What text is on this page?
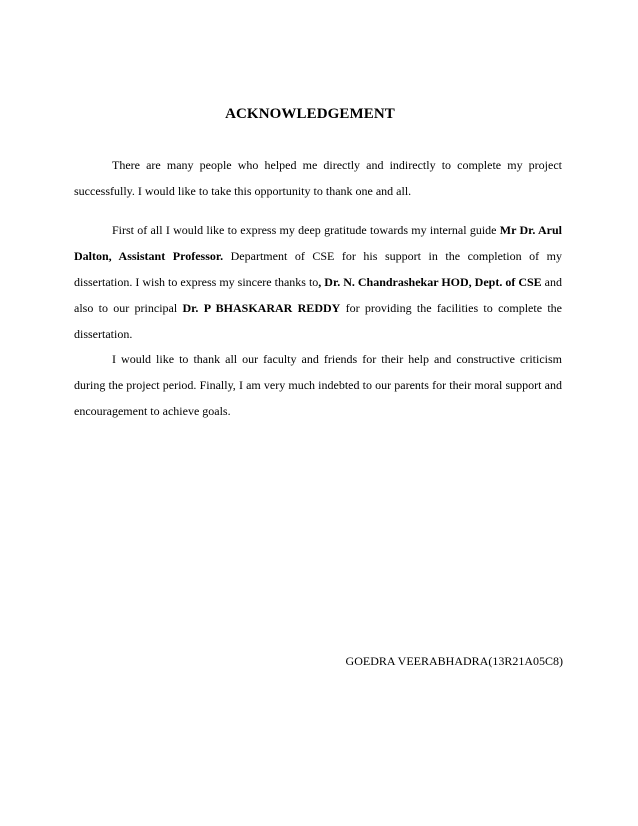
ACKNOWLEDGEMENT

There are many people who helped me directly and indirectly to complete my project successfully. I would like to take this opportunity to thank one and all.

First of all I would like to express my deep gratitude towards my internal guide Mr Dr. Arul Dalton, Assistant Professor. Department of CSE for his support in the completion of my dissertation. I wish to express my sincere thanks to, Dr. N. Chandrashekar HOD, Dept. of CSE and also to our principal Dr. P BHASKARAR REDDY for providing the facilities to complete the dissertation.

I would like to thank all our faculty and friends for their help and constructive criticism during the project period. Finally, I am very much indebted to our parents for their moral support and encouragement to achieve goals.

GOEDRA VEERABHADRA(13R21A05C8)
